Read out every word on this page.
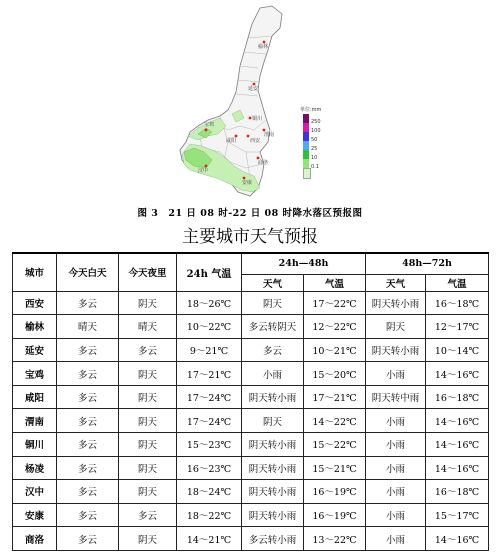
榆林
延安
铜川
渭南
西安
宝鸡
汉中
安康
商洛
咸阳
单位:mm
250
100
50
25
10
0.1
图 3　21 日 08 时-22 日 08 时降水落区预报图
主要城市天气预报
城市	今天白天	今天夜里	24h 气温	24h—48h		48h—72h	
				天气	气温	天气	气温
西安	多云	阴天	18～26℃	阴天	17～22℃	阴天转小雨	16～18℃
榆林	晴天	晴天	10～22℃	多云转阴天	12～22℃	阴天	12～17℃
延安	多云	多云	9～21℃	多云	10～21℃	阴天转小雨	10～14℃
宝鸡	多云	阴天	17～21℃	小雨	15～20℃	小雨	14～16℃
咸阳	多云	阴天	17～24℃	阴天转小雨	17～21℃	阴天转中雨	16～18℃
渭南	多云	阴天	17～24℃	阴天	14～22℃	小雨	14～16℃
铜川	多云	阴天	15～23℃	阴天转小雨	15～22℃	小雨	14～16℃
杨凌	多云	阴天	16～23℃	阴天转小雨	15～21℃	小雨	14～16℃
汉中	多云	阴天	18～24℃	阴天转小雨	16～19℃	小雨	16～18℃
安康	多云	多云	18～22℃	阴天转小雨	16～19℃	小雨	15～17℃
商洛	多云	阴天	14～21℃	多云转小雨	13～22℃	小雨	14～16℃
